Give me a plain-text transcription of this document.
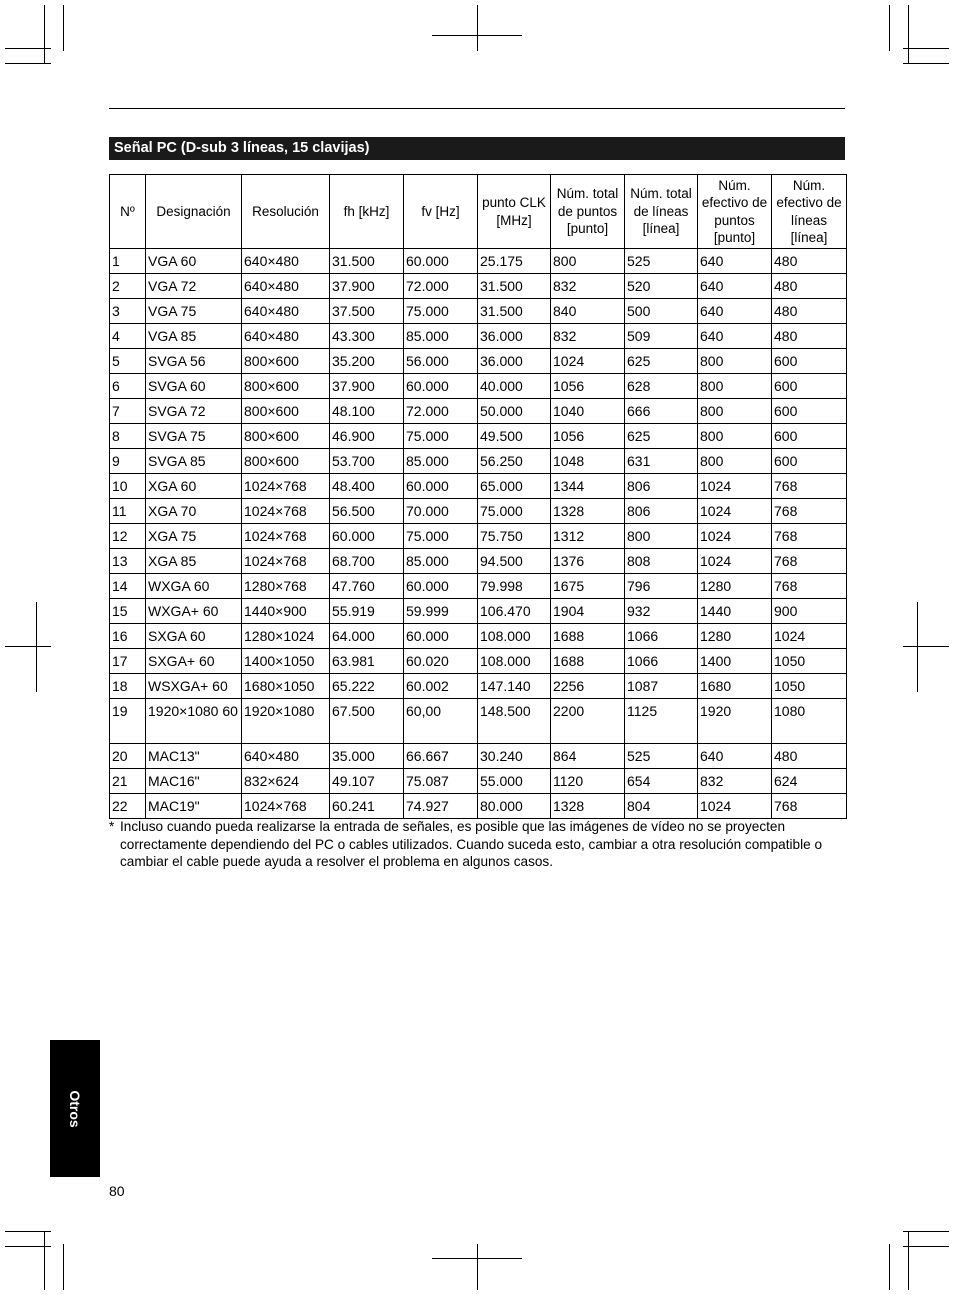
Señal PC (D-sub 3 líneas, 15 clavijas)
Nº	Designación	Resolución	fh [kHz]	fv [Hz]	punto CLK [MHz]	Núm. total de puntos [punto]	Núm. total de líneas [línea]	Núm. efectivo de puntos [punto]	Núm. efectivo de líneas [línea]
1	VGA 60	640×480	31.500	60.000	25.175	800	525	640	480
2	VGA 72	640×480	37.900	72.000	31.500	832	520	640	480
3	VGA 75	640×480	37.500	75.000	31.500	840	500	640	480
4	VGA 85	640×480	43.300	85.000	36.000	832	509	640	480
5	SVGA 56	800×600	35.200	56.000	36.000	1024	625	800	600
6	SVGA 60	800×600	37.900	60.000	40.000	1056	628	800	600
7	SVGA 72	800×600	48.100	72.000	50.000	1040	666	800	600
8	SVGA 75	800×600	46.900	75.000	49.500	1056	625	800	600
9	SVGA 85	800×600	53.700	85.000	56.250	1048	631	800	600
10	XGA 60	1024×768	48.400	60.000	65.000	1344	806	1024	768
11	XGA 70	1024×768	56.500	70.000	75.000	1328	806	1024	768
12	XGA 75	1024×768	60.000	75.000	75.750	1312	800	1024	768
13	XGA 85	1024×768	68.700	85.000	94.500	1376	808	1024	768
14	WXGA 60	1280×768	47.760	60.000	79.998	1675	796	1280	768
15	WXGA+ 60	1440×900	55.919	59.999	106.470	1904	932	1440	900
16	SXGA 60	1280×1024	64.000	60.000	108.000	1688	1066	1280	1024
17	SXGA+ 60	1400×1050	63.981	60.020	108.000	1688	1066	1400	1050
18	WSXGA+ 60	1680×1050	65.222	60.002	147.140	2256	1087	1680	1050
19	1920×1080 60	1920×1080	67.500	60,00	148.500	2200	1125	1920	1080
20	MAC13"	640×480	35.000	66.667	30.240	864	525	640	480
21	MAC16"	832×624	49.107	75.087	55.000	1120	654	832	624
22	MAC19"	1024×768	60.241	74.927	80.000	1328	804	1024	768
* Incluso cuando pueda realizarse la entrada de señales, es posible que las imágenes de vídeo no se proyecten correctamente dependiendo del PC o cables utilizados. Cuando suceda esto, cambiar a otra resolución compatible o cambiar el cable puede ayuda a resolver el problema en algunos casos.
Otros
80
